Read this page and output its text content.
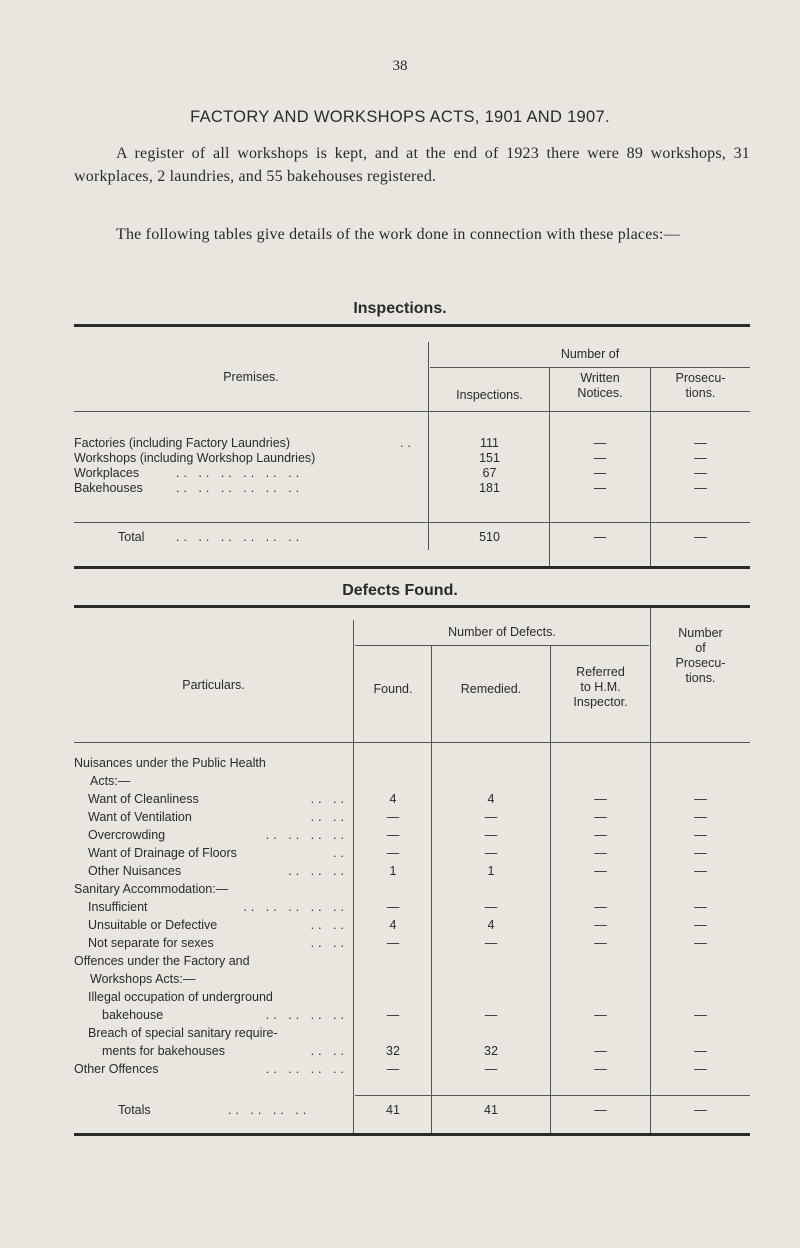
38
FACTORY AND WORKSHOPS ACTS, 1901 AND 1907.
A register of all workshops is kept, and at the end of 1923 there were 89 workshops, 31 workplaces, 2 laundries, and 55 bakehouses registered.
The following tables give details of the work done in connection with these places:—
Inspections.
Premises.
Number of
Inspections.
Written
Notices.
Prosecu-
tions.
Factories (including Factory Laundries)	..	111	—	—
Workshops (including Workshop Laundries)	151	—	—
Workplaces	.. .. .. .. .. ..	67	—	—
Bakehouses	.. .. .. .. .. ..	181	—	—
Total	.. .. .. .. .. ..	510	—	—
Defects Found.
Particulars.
Number of Defects.
Found.	Remedied.
Referred
to H.M.
Inspector.
Number
of
Prosecu-
tions.
Nuisances under the Public Health
Acts:—
Want of Cleanliness	.. ..	4	4	—	—
Want of Ventilation	.. ..	—	—	—	—
Overcrowding	.. .. .. ..	—	—	—	—
Want of Drainage of Floors	..	—	—	—	—
Other Nuisances	.. .. ..	1	1	—	—
Sanitary Accommodation:—
Insufficient	.. .. .. .. ..	—	—	—	—
Unsuitable or Defective	.. ..	4	4	—	—
Not separate for sexes	.. ..	—	—	—	—
Offences under the Factory and
Workshops Acts:—
Illegal occupation of underground
bakehouse	.. .. .. ..	—	—	—	—
Breach of special sanitary require-
ments for bakehouses	.. ..	32	32	—	—
Other Offences	.. .. .. ..	—	—	—	—
Totals	.. .. .. ..	41	41	—	—
